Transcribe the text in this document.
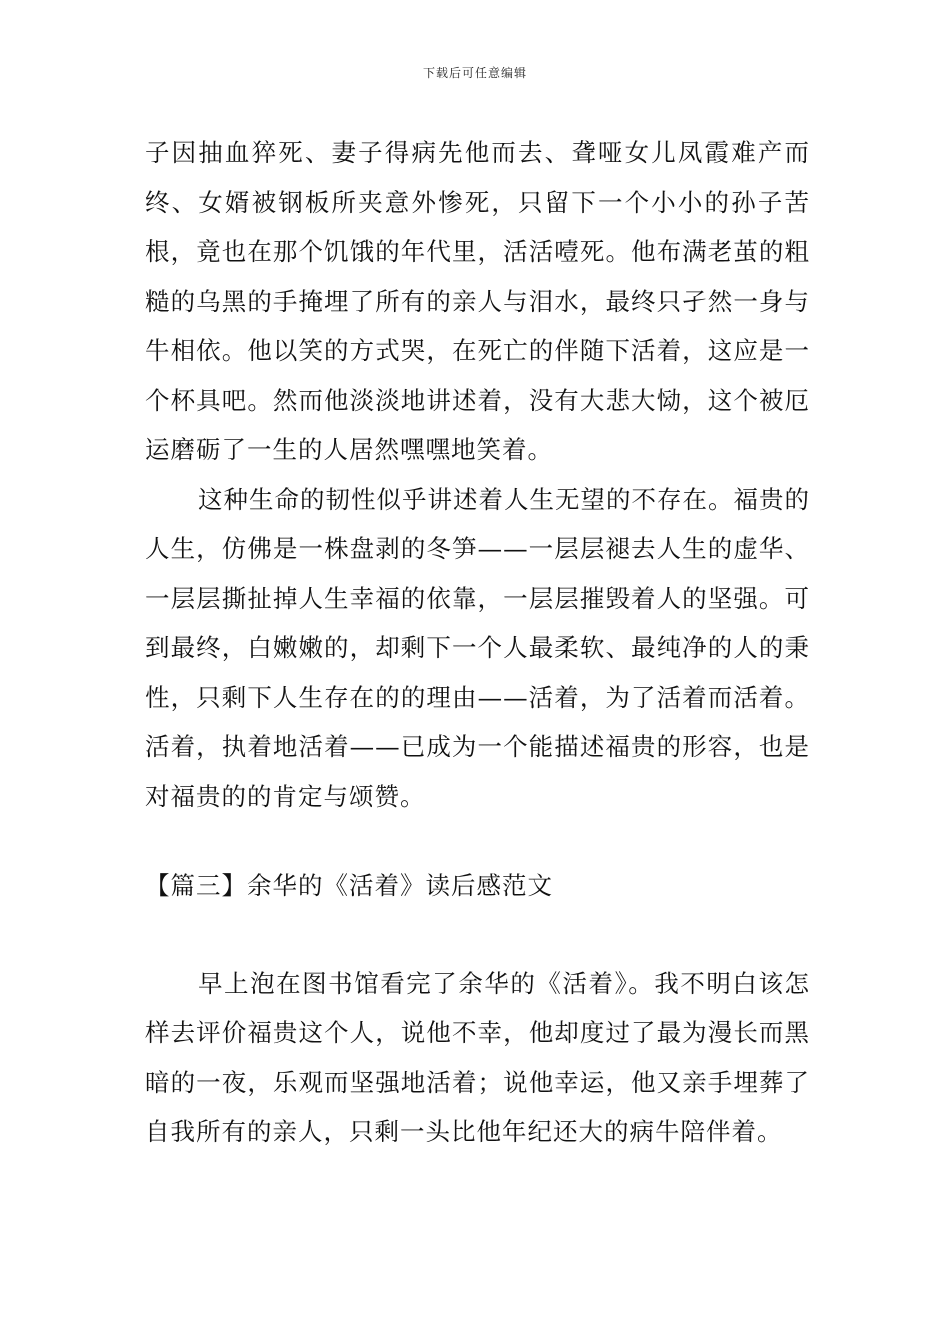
下载后可任意编辑

子因抽血猝死、妻子得病先他而去、聋哑女儿凤霞难产而终、女婿被钢板所夹意外惨死，只留下一个小小的孙子苦根，竟也在那个饥饿的年代里，活活噎死。他布满老茧的粗糙的乌黑的手掩埋了所有的亲人与泪水，最终只孑然一身与牛相依。他以笑的方式哭，在死亡的伴随下活着，这应是一个杯具吧。然而他淡淡地讲述着，没有大悲大恸，这个被厄运磨砺了一生的人居然嘿嘿地笑着。

这种生命的韧性似乎讲述着人生无望的不存在。福贵的人生，仿佛是一株盘剥的冬笋——一层层褪去人生的虚华、一层层撕扯掉人生幸福的依靠，一层层摧毁着人的坚强。可到最终，白嫩嫩的，却剩下一个人最柔软、最纯净的人的秉性，只剩下人生存在的的理由——活着，为了活着而活着。活着，执着地活着——已成为一个能描述福贵的形容，也是对福贵的的肯定与颂赞。

【篇三】余华的《活着》读后感范文

早上泡在图书馆看完了余华的《活着》。我不明白该怎样去评价福贵这个人，说他不幸，他却度过了最为漫长而黑暗的一夜，乐观而坚强地活着；说他幸运，他又亲手埋葬了自我所有的亲人，只剩一头比他年纪还大的病牛陪伴着。
